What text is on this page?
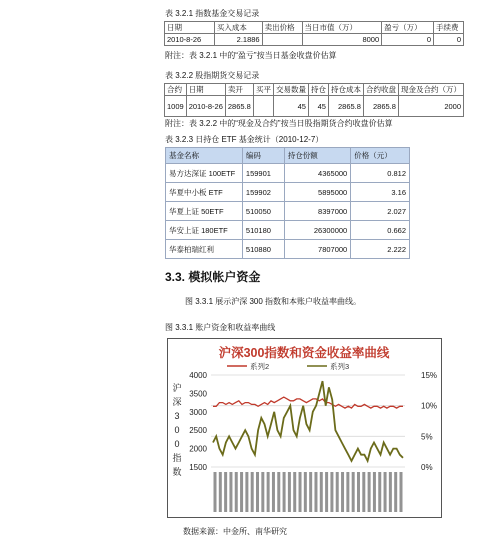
表 3.2.1 指数基金交易记录
日期	买入成本	卖出价格	当日市值（万）	盈亏（万）	手续费
2010-8-26	2.1886		8000	0	0
附注：表 3.2.1 中的“盈亏”按当日基金收盘价估算
表 3.2.2 股指期货交易记录
合约	日期	卖开	买平	交易数量	持仓	持仓成本	合约收盘	现金及合约（万）
1009	2010-8-26	2865.8		45	45	2865.8	2865.8	2000
附注：表 3.2.2 中的“现金及合约”按当日股指期货合约收盘价估算
表 3.2.3 日持仓 ETF 基金统计（2010-12-7）
基金名称	编码	持仓份额	价格（元）
易方达深证 100ETF	159901	4365000	0.812
华夏中小板 ETF	159902	5895000	3.16
华夏上证 50ETF	510050	8397000	2.027
华安上证 180ETF	510180	26300000	0.662
华泰柏瑞红利	510880	7807000	2.222
3.3. 模拟帐户资金
图 3.3.1 展示沪深 300 指数和本账户收益率曲线。
图 3.3.1 账户资金和收益率曲线
沪深300指数和资金收益率曲线
系列2	系列3
4000
3500
3000
2500
2000
1500
15%
10%
5%
0%
沪
深
3
0
0
指
数
数据来源：中金所、南华研究
